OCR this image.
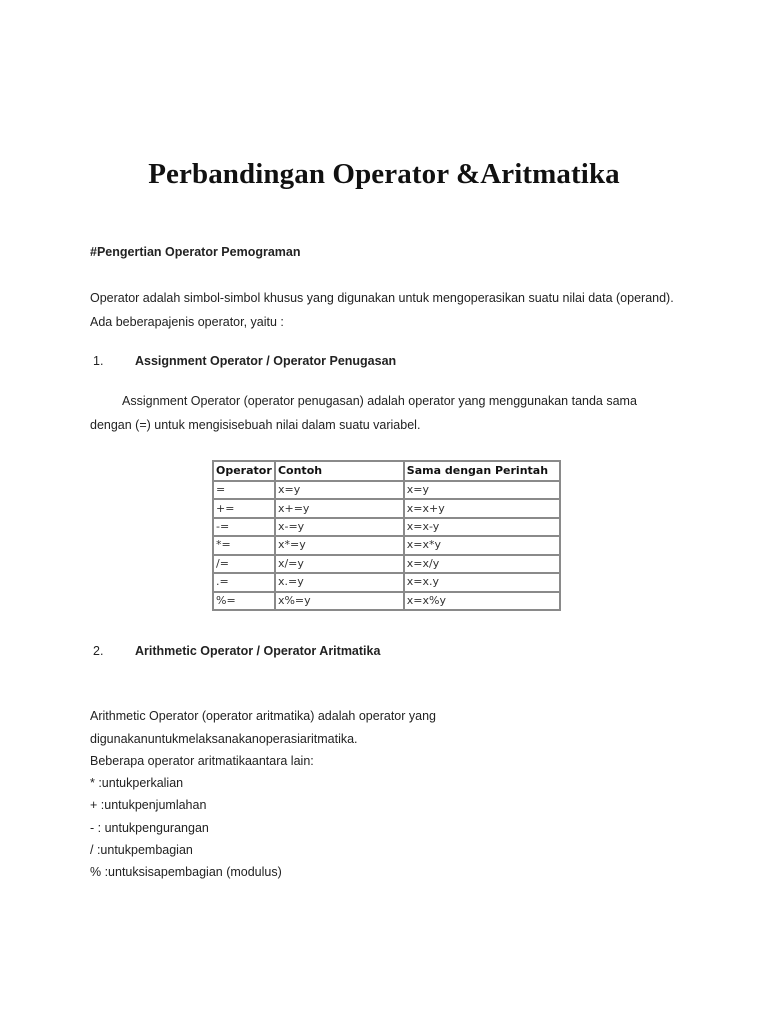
Perbandingan Operator &Aritmatika
#Pengertian Operator Pemograman
Operator adalah simbol-simbol khusus yang digunakan untuk mengoperasikan suatu nilai data (operand).
Ada beberapajenis operator, yaitu :
1.	Assignment Operator / Operator Penugasan
Assignment Operator (operator penugasan) adalah operator yang menggunakan tanda sama
dengan (=) untuk mengisisebuah nilai dalam suatu variabel.
Operator	Contoh	Sama dengan Perintah
=	x=y	x=y
+=	x+=y	x=x+y
-=	x-=y	x=x-y
*=	x*=y	x=x*y
/=	x/=y	x=x/y
.=	x.=y	x=x.y
%=	x%=y	x=x%y
2.	Arithmetic Operator / Operator Aritmatika
Arithmetic Operator (operator aritmatika) adalah operator yang
digunakanuntukmelaksanakanoperasiaritmatika.
Beberapa operator aritmatikaantara lain:
* :untukperkalian
+ :untukpenjumlahan
- : untukpengurangan
/ :untukpembagian
% :untuksisapembagian (modulus)
